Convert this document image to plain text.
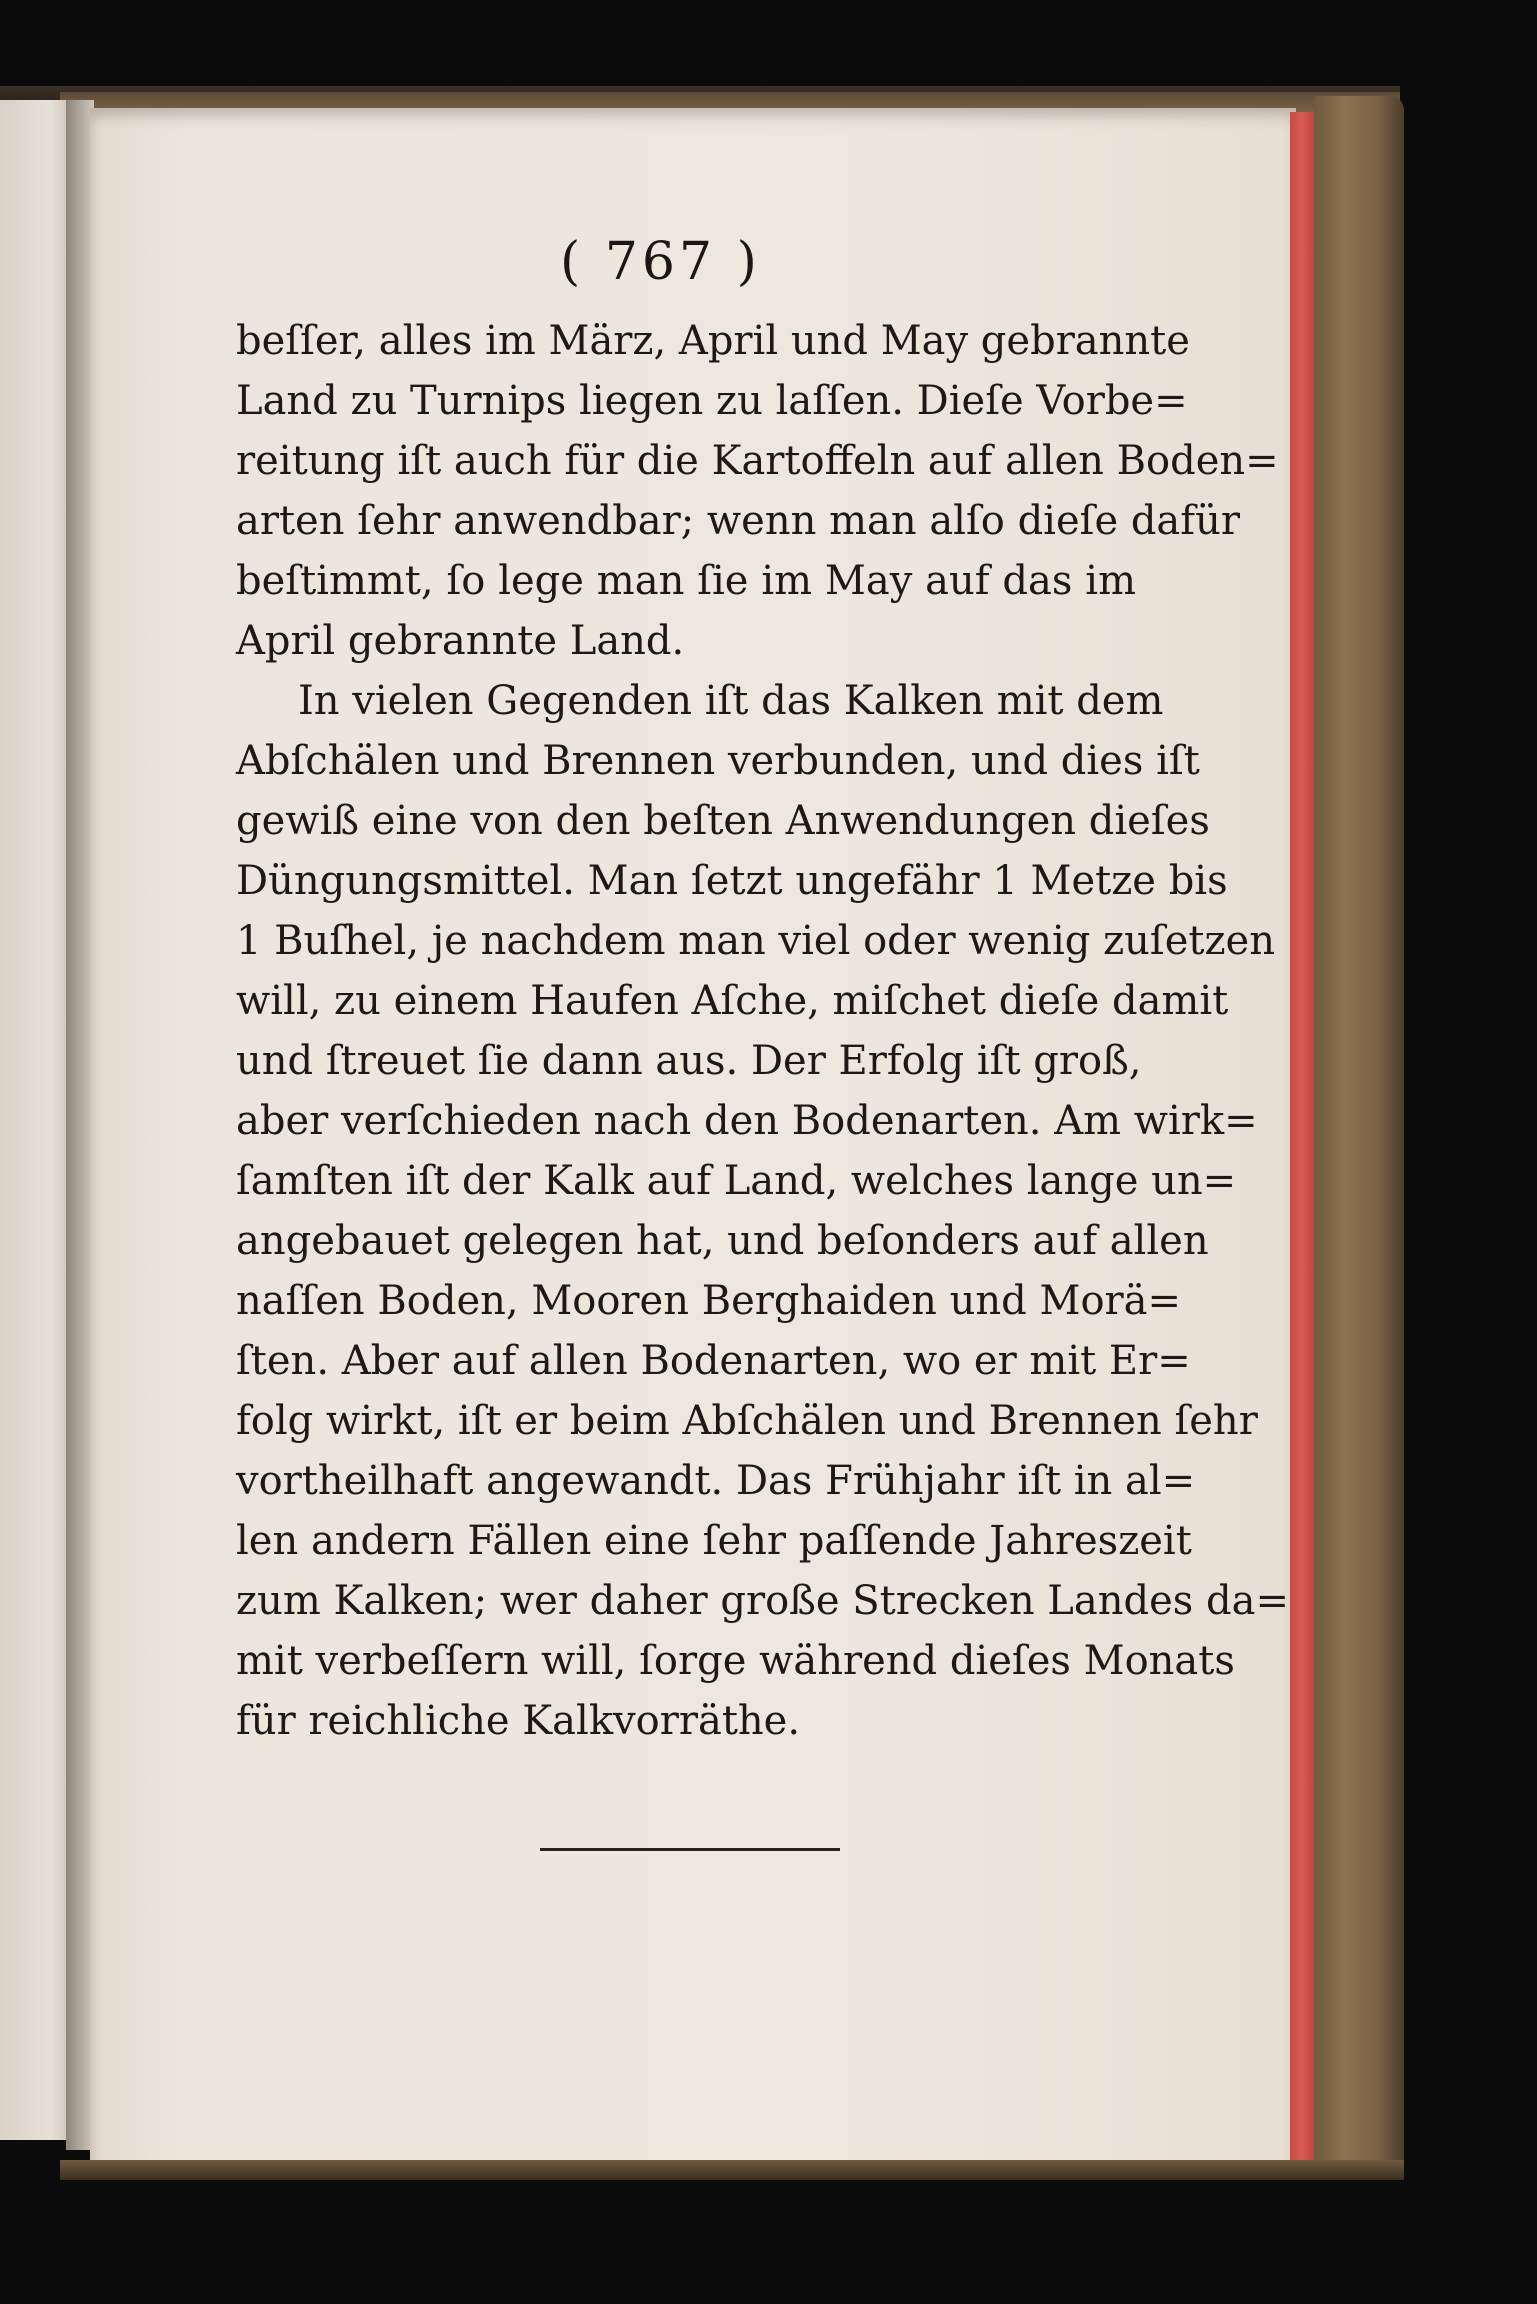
( 767 )
beſſer, alles im März, April und May gebrannte
Land zu Turnips liegen zu laſſen. Dieſe Vorbe=
reitung iſt auch für die Kartoffeln auf allen Boden=
arten ſehr anwendbar; wenn man alſo dieſe dafür
beſtimmt, ſo lege man ſie im May auf das im
April gebrannte Land.
In vielen Gegenden iſt das Kalken mit dem
Abſchälen und Brennen verbunden, und dies iſt
gewiß eine von den beſten Anwendungen dieſes
Düngungsmittel. Man ſetzt ungefähr 1 Metze bis
1 Buſhel, je nachdem man viel oder wenig zuſetzen
will, zu einem Haufen Aſche, miſchet dieſe damit
und ſtreuet ſie dann aus. Der Erfolg iſt groß,
aber verſchieden nach den Bodenarten. Am wirk=
ſamſten iſt der Kalk auf Land, welches lange un=
angebauet gelegen hat, und beſonders auf allen
naſſen Boden, Mooren Berghaiden und Morä=
ſten. Aber auf allen Bodenarten, wo er mit Er=
folg wirkt, iſt er beim Abſchälen und Brennen ſehr
vortheilhaft angewandt. Das Frühjahr iſt in al=
len andern Fällen eine ſehr paſſende Jahreszeit
zum Kalken; wer daher große Strecken Landes da=
mit verbeſſern will, ſorge während dieſes Monats
für reichliche Kalkvorräthe.
